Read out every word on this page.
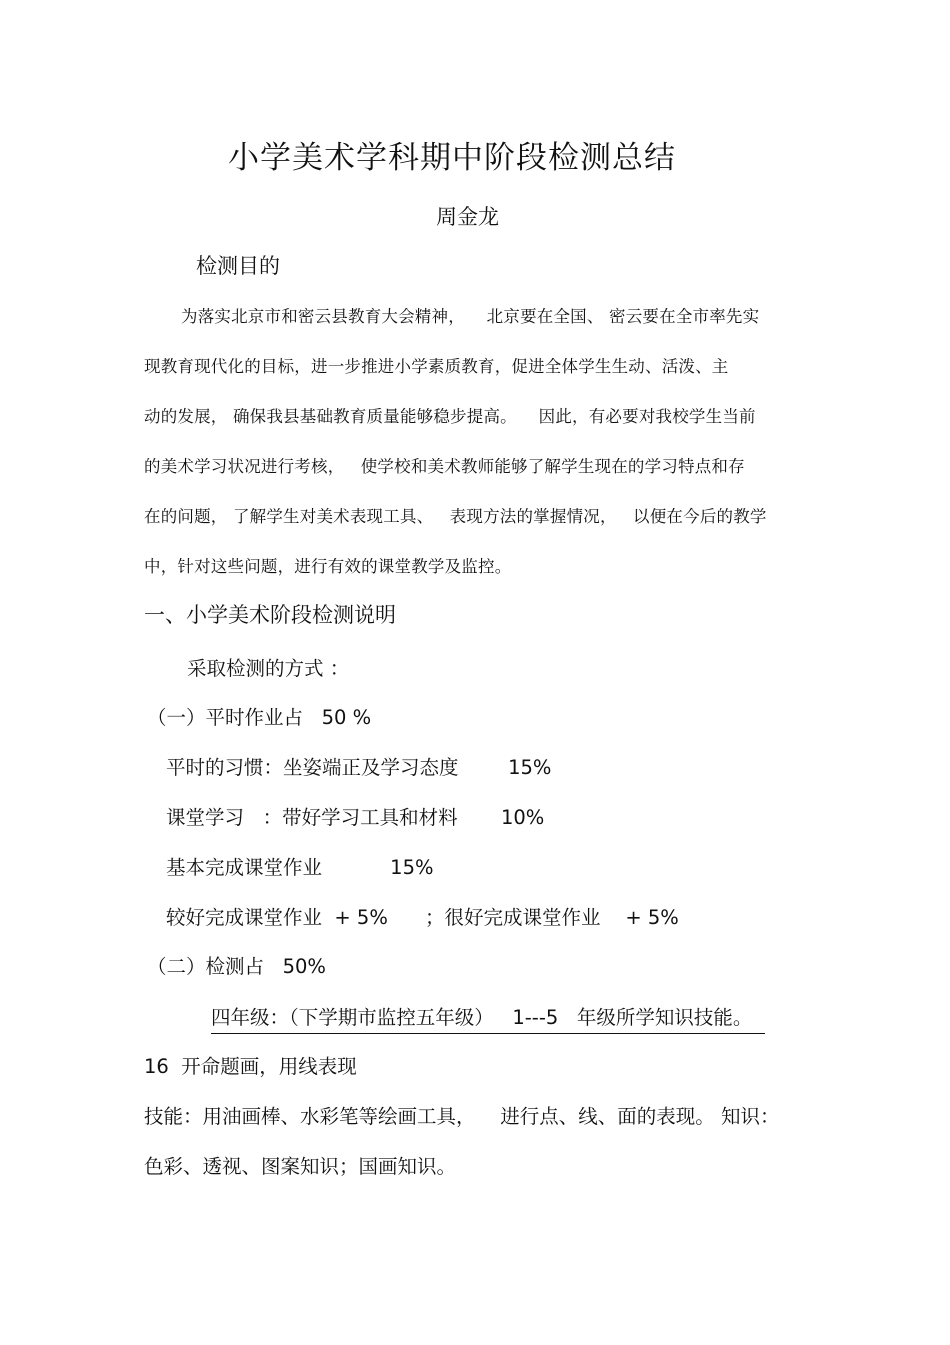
小学美术学科期中阶段检测总结
周金龙
检测目的
为落实北京市和密云县教育大会精神，    北京要在全国、 密云要在全市率先实
现教育现代化的目标，进一步推进小学素质教育，促进全体学生生动、活泼、主
动的发展， 确保我县基础教育质量能够稳步提高。    因此，有必要对我校学生当前
的美术学习状况进行考核，   使学校和美术教师能够了解学生现在的学习特点和存
在的问题， 了解学生对美术表现工具、   表现方法的掌握情况，   以便在今后的教学
中，针对这些问题，进行有效的课堂教学及监控。
一、小学美术阶段检测说明
采取检测的方式 ：
（一）平时作业占   50 %
平时的习惯：坐姿端正及学习态度        15%
课堂学习   ：带好学习工具和材料       10%
基本完成课堂作业           15%
较好完成课堂作业  + 5%      ；很好完成课堂作业    + 5%
（二）检测占   50%
四年级：（下学期市监控五年级）   1---5   年级所学知识技能。
16  开命题画，用线表现
技能：用油画棒、水彩笔等绘画工具，    进行点、线、面的表现。 知识：
色彩、透视、图案知识；国画知识。
